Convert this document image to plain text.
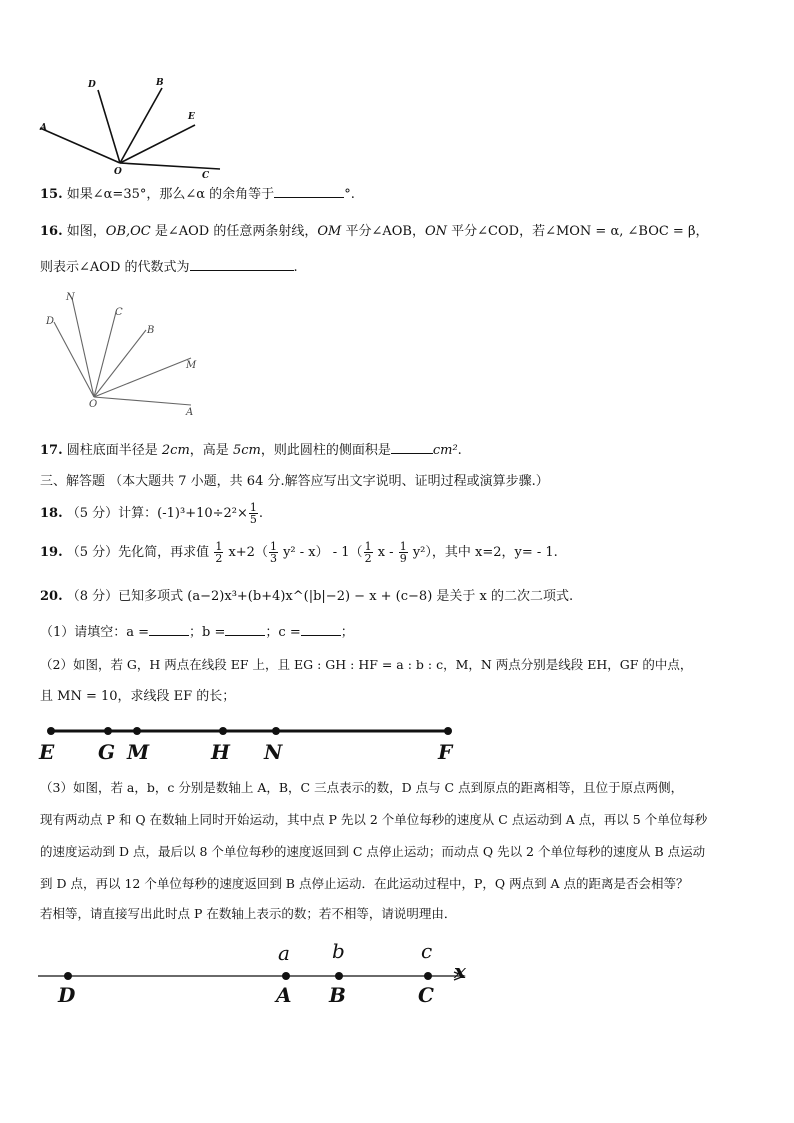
D	B
E
A
O	C
15. 如果∠α=35°，那么∠α 的余角等于	°.
16. 如图，OB,OC 是∠AOD 的任意两条射线，OM 平分∠AOB，ON 平分∠COD，若∠MON = α, ∠BOC = β，
则表示∠AOD 的代数式为	.
N
D
C
B
M
O
A
17. 圆柱底面半径是 2cm，高是 5cm，则此圆柱的侧面积是	cm².
三、解答题 （本大题共 7 小题，共 64 分.解答应写出文字说明、证明过程或演算步骤.）
18. （5 分）计算：$(-1)^3+10\div 2^2\times \frac{1}{5}$ .
19. （5 分）先化简，再求值 $\frac{1}{2} x+2( \frac{1}{3} y^2 - x) - 1( \frac{1}{2}$ x - $\frac{1}{9} y^2$），其中 x=2，y= - 1.
20. （8 分）已知多项式 (a−2)x³+(b+4)x^(|b|−2) − x + (c−8) 是关于 x 的二次二项式.
（1）请填空：a =	；b =	；c =	；
（2）如图，若 G，H 两点在线段 EF 上，且 EG : GH : HF = a : b : c，M，N 两点分别是线段 EH，GF 的中点，
且 MN = 10，求线段 EF 的长；
E G M	H N	F
（3）如图，若 a，b，c 分别是数轴上 A，B，C 三点表示的数，D 点与 C 点到原点的距离相等，且位于原点两侧，
现有两动点 P 和 Q 在数轴上同时开始运动，其中点 P 先以 2 个单位每秒的速度从 C 点运动到 A 点，再以 5 个单位每秒
的速度运动到 D 点，最后以 8 个单位每秒的速度返回到 C 点停止运动；而动点 Q 先以 2 个单位每秒的速度从 B 点运动
到 D 点，再以 12 个单位每秒的速度返回到 B 点停止运动．在此运动过程中，P，Q 两点到 A 点的距离是否会相等？
若相等，请直接写出此时点 P 在数轴上表示的数；若不相等，请说明理由．
a b	c
x
D	A B	C
